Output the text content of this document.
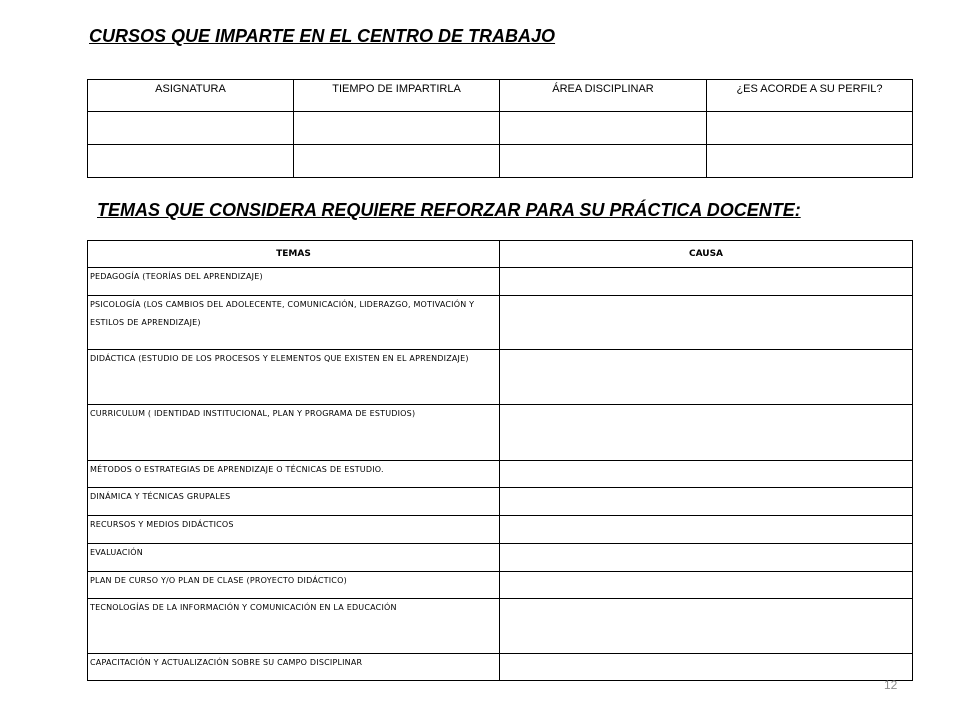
CURSOS QUE IMPARTE EN EL CENTRO DE TRABAJO
ASIGNATURA	TIEMPO DE IMPARTIRLA	ÁREA DISCIPLINAR	¿ES ACORDE A SU PERFIL?

TEMAS QUE CONSIDERA REQUIERE REFORZAR PARA SU PRÁCTICA DOCENTE:
TEMAS	CAUSA
PEDAGOGÍA (TEORÍAS DEL APRENDIZAJE)	
PSICOLOGÍA (LOS CAMBIOS DEL ADOLECENTE, COMUNICACIÓN, LIDERAZGO, MOTIVACIÓN Y ESTILOS DE APRENDIZAJE)	
DIDÁCTICA (ESTUDIO DE LOS PROCESOS Y ELEMENTOS QUE EXISTEN EN EL APRENDIZAJE)	
CURRICULUM ( IDENTIDAD INSTITUCIONAL, PLAN Y PROGRAMA DE ESTUDIOS)	
MÉTODOS O ESTRATEGIAS DE APRENDIZAJE O TÉCNICAS DE ESTUDIO.	
DINÁMICA Y TÉCNICAS GRUPALES	
RECURSOS Y MEDIOS DIDÁCTICOS	
EVALUACIÓN	
PLAN DE CURSO Y/O PLAN DE CLASE (PROYECTO DIDÁCTICO)	
TECNOLOGÍAS DE LA INFORMACIÓN Y COMUNICACIÓN EN LA EDUCACIÓN	
CAPACITACIÓN Y ACTUALIZACIÓN SOBRE SU CAMPO DISCIPLINAR	
12
